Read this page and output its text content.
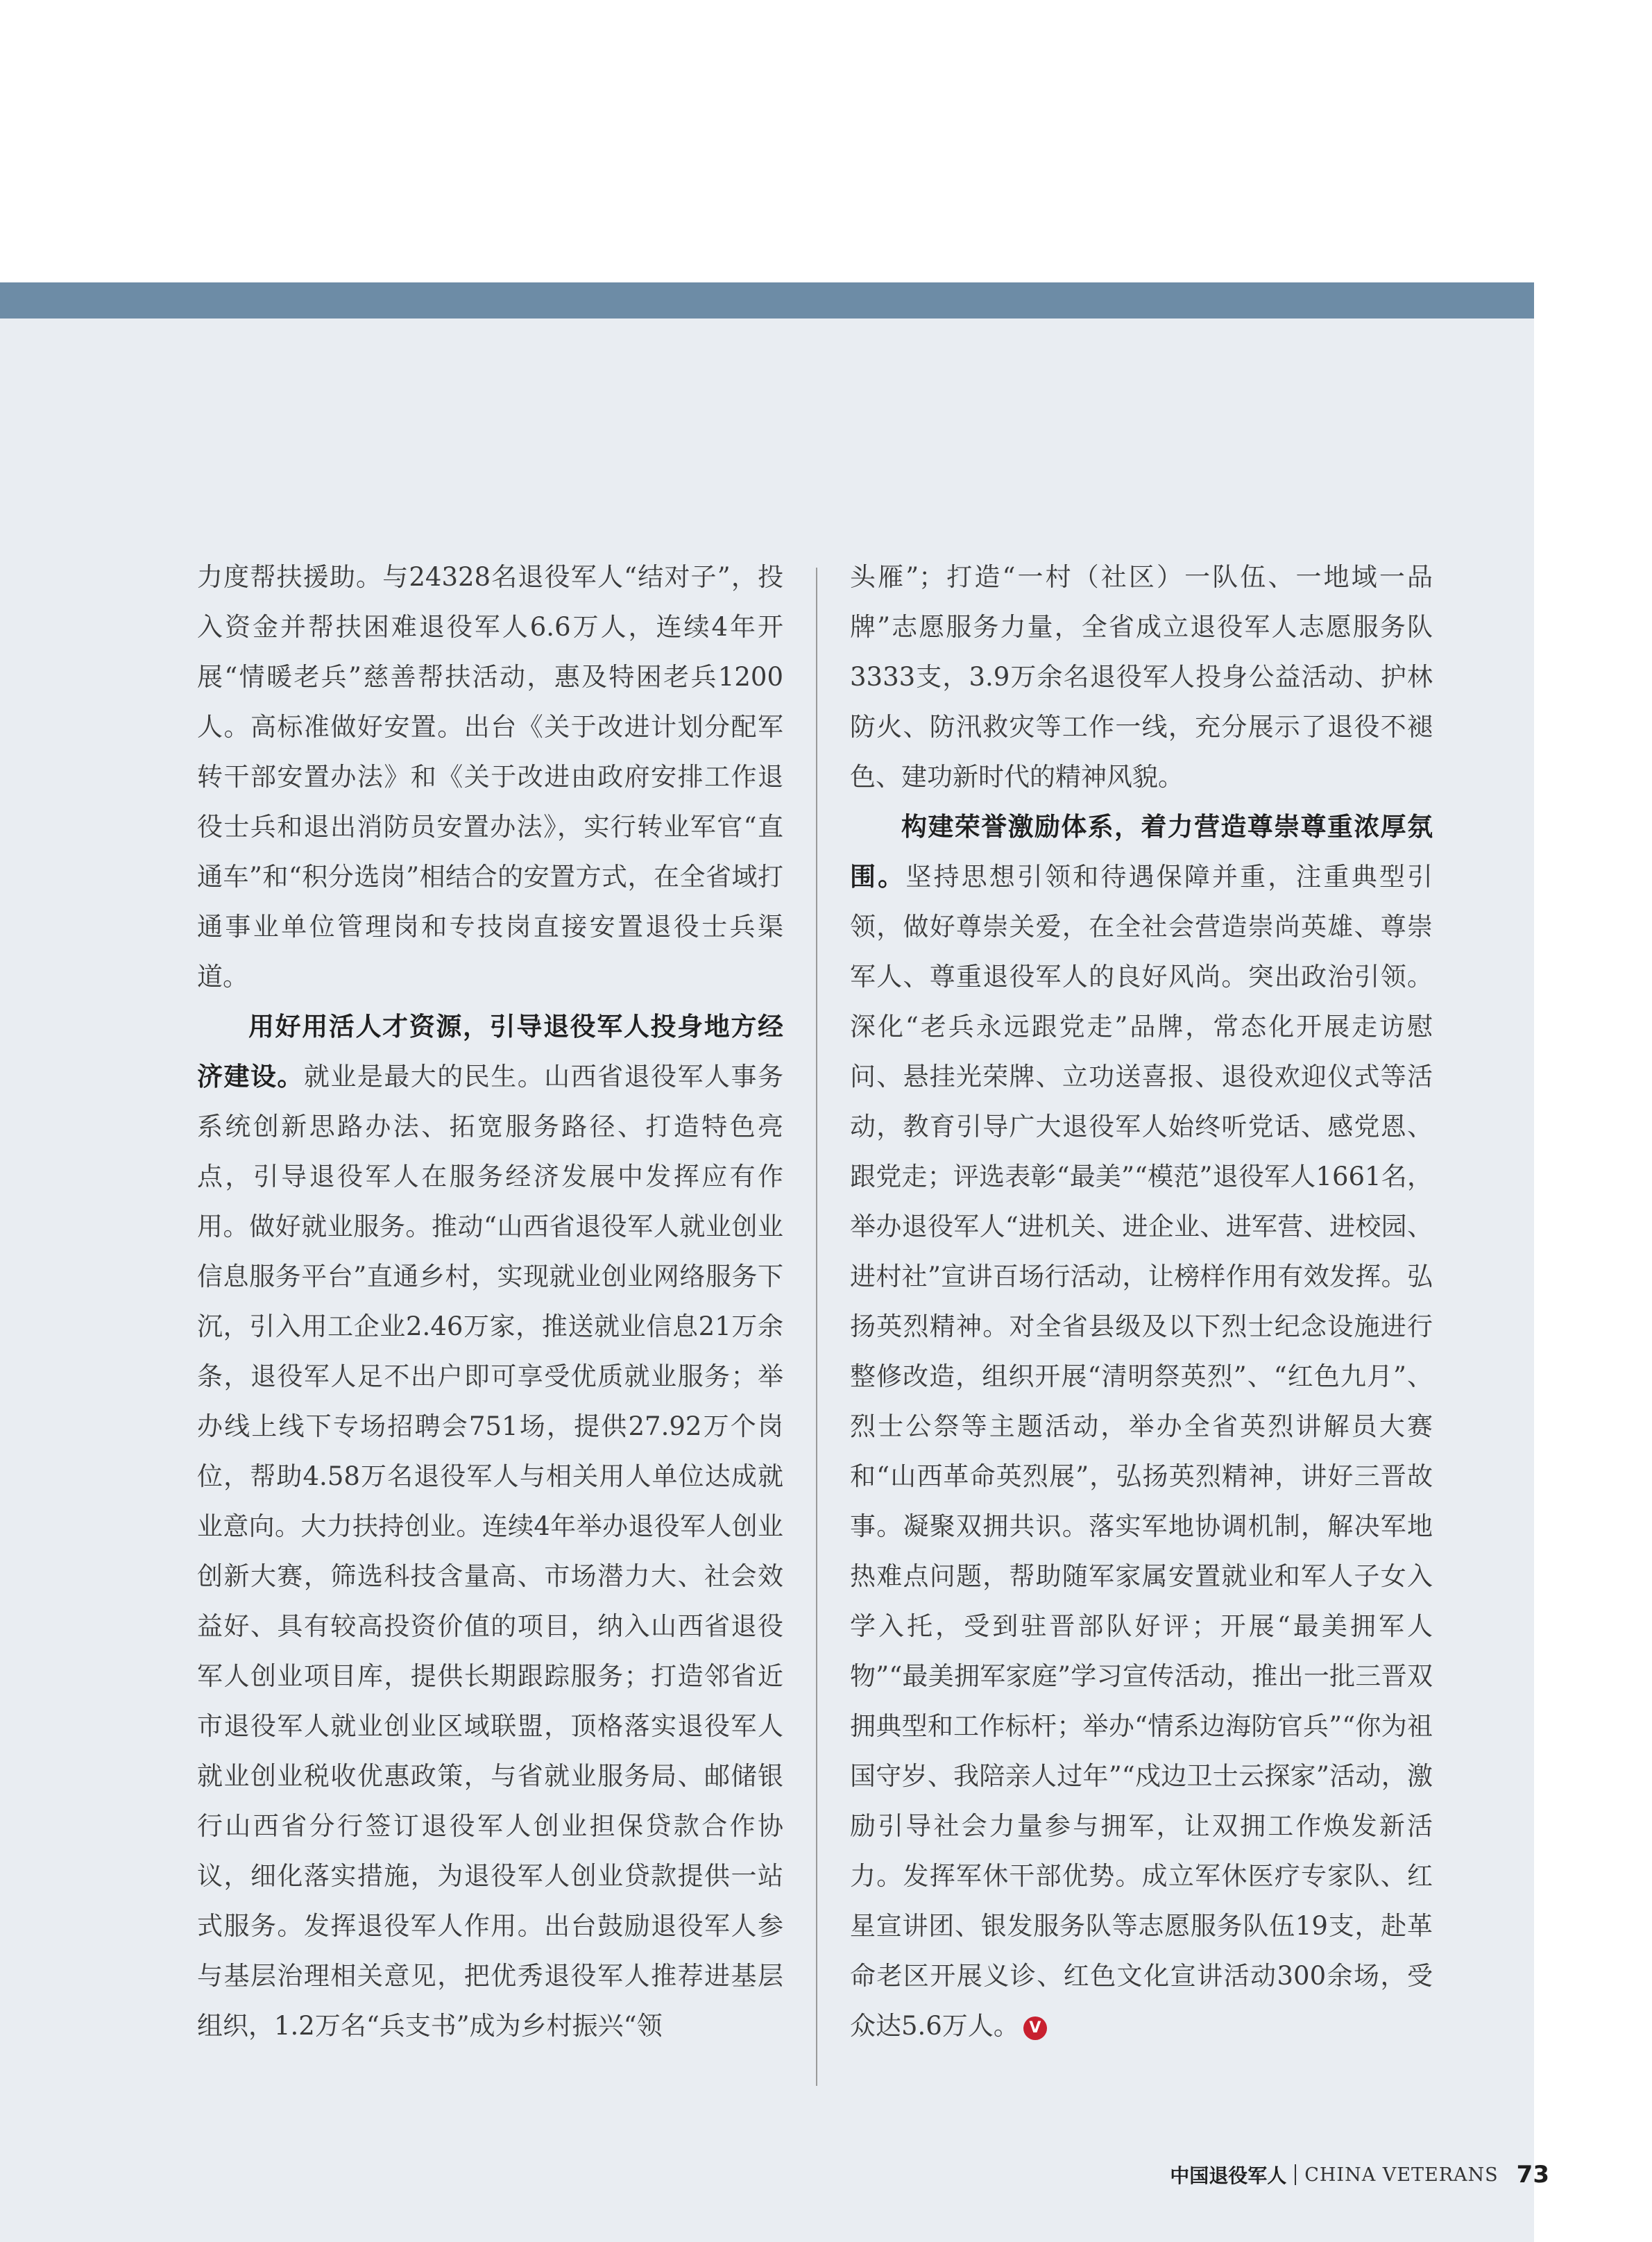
力度帮扶援助。与24328名退役军人“结对子”，投入资金并帮扶困难退役军人6.6万人，连续4年开展“情暖老兵”慈善帮扶活动，惠及特困老兵1200人。高标准做好安置。出台《关于改进计划分配军转干部安置办法》和《关于改进由政府安排工作退役士兵和退出消防员安置办法》，实行转业军官“直通车”和“积分选岗”相结合的安置方式，在全省域打通事业单位管理岗和专技岗直接安置退役士兵渠道。

用好用活人才资源，引导退役军人投身地方经济建设。就业是最大的民生。山西省退役军人事务系统创新思路办法、拓宽服务路径、打造特色亮点，引导退役军人在服务经济发展中发挥应有作用。做好就业服务。推动“山西省退役军人就业创业信息服务平台”直通乡村，实现就业创业网络服务下沉，引入用工企业2.46万家，推送就业信息21万余条，退役军人足不出户即可享受优质就业服务；举办线上线下专场招聘会751场，提供27.92万个岗位，帮助4.58万名退役军人与相关用人单位达成就业意向。大力扶持创业。连续4年举办退役军人创业创新大赛，筛选科技含量高、市场潜力大、社会效益好、具有较高投资价值的项目，纳入山西省退役军人创业项目库，提供长期跟踪服务；打造邻省近市退役军人就业创业区域联盟，顶格落实退役军人就业创业税收优惠政策，与省就业服务局、邮储银行山西省分行签订退役军人创业担保贷款合作协议，细化落实措施，为退役军人创业贷款提供一站式服务。发挥退役军人作用。出台鼓励退役军人参与基层治理相关意见，把优秀退役军人推荐进基层组织，1.2万名“兵支书”成为乡村振兴“领

头雁”；打造“一村（社区）一队伍、一地域一品牌”志愿服务力量，全省成立退役军人志愿服务队3333支，3.9万余名退役军人投身公益活动、护林防火、防汛救灾等工作一线，充分展示了退役不褪色、建功新时代的精神风貌。

构建荣誉激励体系，着力营造尊崇尊重浓厚氛围。坚持思想引领和待遇保障并重，注重典型引领，做好尊崇关爱，在全社会营造崇尚英雄、尊崇军人、尊重退役军人的良好风尚。突出政治引领。深化“老兵永远跟党走”品牌，常态化开展走访慰问、悬挂光荣牌、立功送喜报、退役欢迎仪式等活动，教育引导广大退役军人始终听党话、感党恩、跟党走；评选表彰“最美”“模范”退役军人1661名，举办退役军人“进机关、进企业、进军营、进校园、进村社”宣讲百场行活动，让榜样作用有效发挥。弘扬英烈精神。对全省县级及以下烈士纪念设施进行整修改造，组织开展“清明祭英烈”、“红色九月”、烈士公祭等主题活动，举办全省英烈讲解员大赛和“山西革命英烈展”，弘扬英烈精神，讲好三晋故事。凝聚双拥共识。落实军地协调机制，解决军地热难点问题，帮助随军家属安置就业和军人子女入学入托，受到驻晋部队好评；开展“最美拥军人物”“最美拥军家庭”学习宣传活动，推出一批三晋双拥典型和工作标杆；举办“情系边海防官兵”“你为祖国守岁、我陪亲人过年”“戍边卫士云探家”活动，激励引导社会力量参与拥军，让双拥工作焕发新活力。发挥军休干部优势。成立军休医疗专家队、红星宣讲团、银发服务队等志愿服务队伍19支，赴革命老区开展义诊、红色文化宣讲活动300余场，受众达5.6万人。 V

中国退役军人 CHINA VETERANS 73
